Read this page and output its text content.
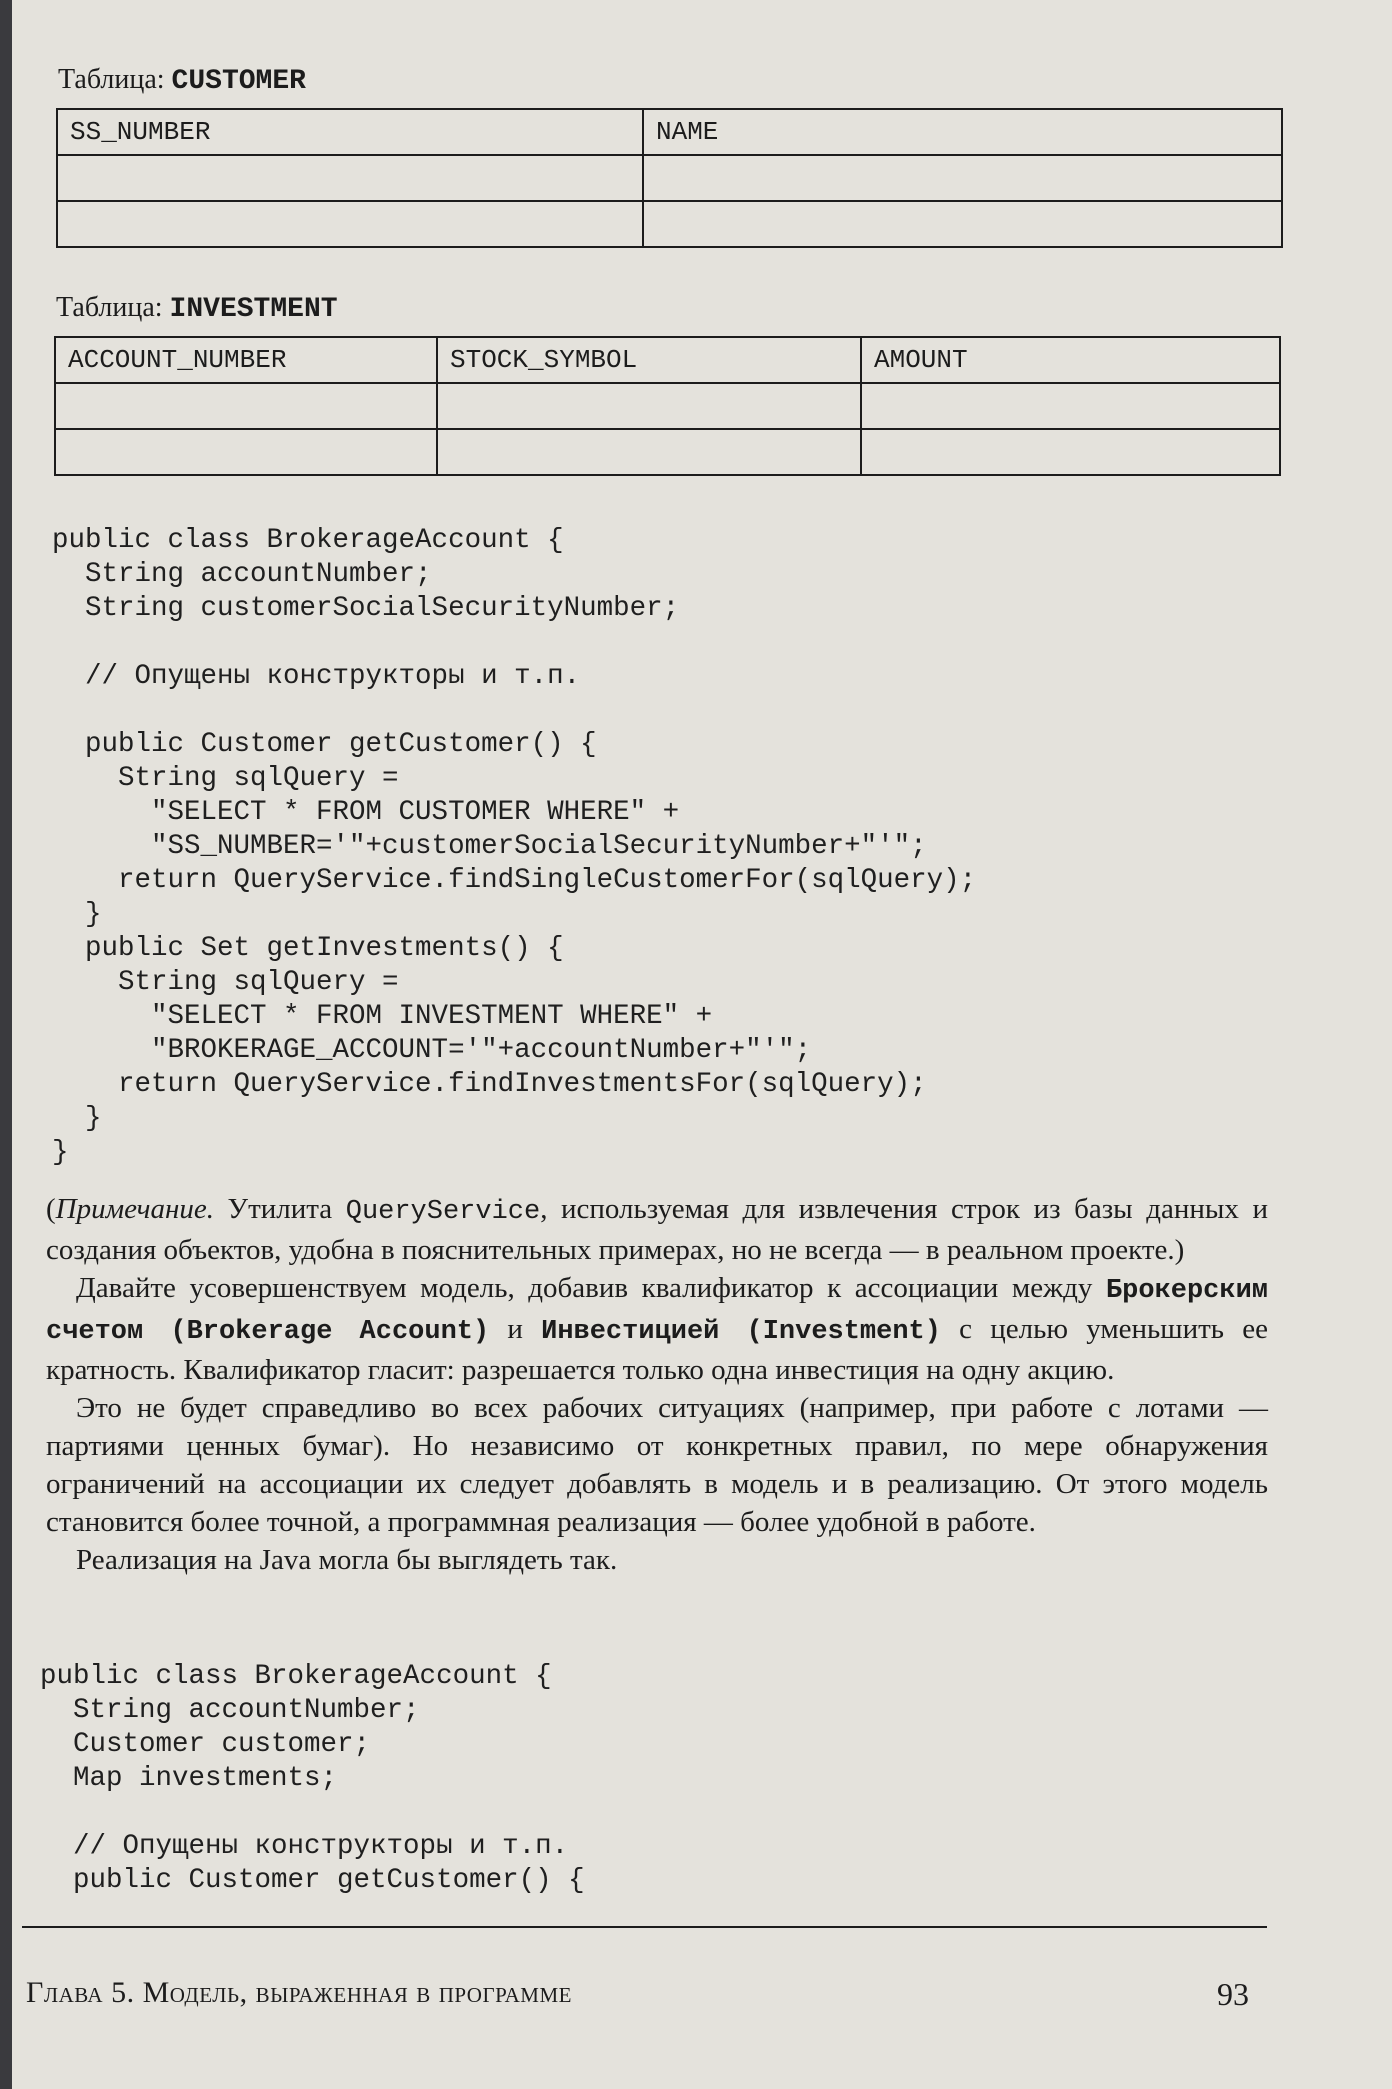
Таблица: CUSTOMER
SS_NUMBER	NAME

Таблица: INVESTMENT
ACCOUNT_NUMBER	STOCK_SYMBOL	AMOUNT

public class BrokerageAccount {
String accountNumber;
String customerSocialSecurityNumber;

// Опущены конструкторы и т.п.

public Customer getCustomer() {
String sqlQuery =
"SELECT * FROM CUSTOMER WHERE" +
"SS_NUMBER='"+customerSocialSecurityNumber+"'";
return QueryService.findSingleCustomerFor(sqlQuery);
}
public Set getInvestments() {
String sqlQuery =
"SELECT * FROM INVESTMENT WHERE" +
"BROKERAGE_ACCOUNT='"+accountNumber+"'";
return QueryService.findInvestmentsFor(sqlQuery);
}
}

(Примечание. Утилита QueryService, используемая для извлечения строк из базы данных и создания объектов, удобна в пояснительных примерах, но не всегда — в реальном проекте.)

Давайте усовершенствуем модель, добавив квалификатор к ассоциации между Брокерским счетом (Brokerage Account) и Инвестицией (Investment) с целью уменьшить ее кратность. Квалификатор гласит: разрешается только одна инвестиция на одну акцию.

Это не будет справедливо во всех рабочих ситуациях (например, при работе с лотами — партиями ценных бумаг). Но независимо от конкретных правил, по мере обнаружения ограничений на ассоциации их следует добавлять в модель и в реализацию. От этого модель становится более точной, а программная реализация — более удобной в работе.

Реализация на Java могла бы выглядеть так.

public class BrokerageAccount {
String accountNumber;
Customer customer;
Map investments;

// Опущены конструкторы и т.п.
public Customer getCustomer() {
Глава 5. Модель, выраженная в программе	93
